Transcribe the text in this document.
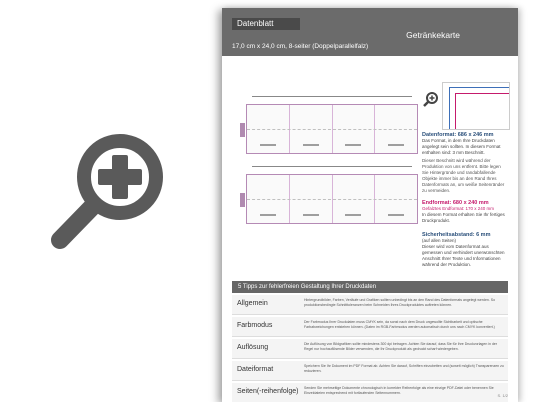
Datenblatt
Getränkekarte
17,0 cm x 24,0 cm, 8-seiter (Doppelparallelfalz)
Datenformat: 686 x 246 mm
Das Format, in dem Ihre Druckdaten angelegt sein sollten. In diesem Format enthalten sind: 3 mm Beschnitt.
Dieser Beschnitt wird während der Produktion von uns entfernt. Bitte legen Sie Hintergründe und randabfallende Objekte immer bis an den Rand Ihres Datenformats an, um weiße Seitenränder zu vermeiden.
Endformat: 680 x 240 mm
Gefalztes Endformat: 170 x 240 mm
In diesem Format erhalten Sie Ihr fertiges Druckprodukt.
Sicherheitsabstand: 6 mm
(auf allen Seiten)
Dieser wird vom Datenformat aus gemessen und verhindert unerwünschten Anschnitt Ihrer Texte und Informationen während der Produktion.
5 Tipps zur fehlerfreien Gestaltung Ihrer Druckdaten
Allgemein	Hintergrundbilder, Farben, Verläufe und Grafiken sollten unbedingt bis an den Rand des Datenformats angelegt werden. So produktionsbedingte Schnitttoleranzen beim Schneiden Ihres Druckproduktes auftreten können.
Farbmodus	Der Farbmodus Ihrer Druckdaten muss CMYK sein, da sonst nach dem Druck ungewollte Sichtbarkeit und optische Farbabweichungen entstehen können. (Daten im RGB-Farbmodus werden automatisch durch uns nach CMYK konvertiert.)
Auflösung	Die Auflösung von Bildgrafiken sollte mindestens 300 dpi betragen. Achten Sie darauf, dass Sie für Ihre Druckvorlagen in der Regel nur hochauflösende Bilder verwenden, die Ihr Druckprodukt als gedruckt scharf wiedergeben.
Dateiformat	Speichern Sie Ihr Dokument im PDF Format ab. Achten Sie darauf, Schriften einzubetten und (soweit möglich) Transparenzen zu reduzieren.
Seiten(-reihenfolge)	Senden Sie mehrseitige Dokumente chronologisch in korrekter Reihenfolge als eine einzige PDF-Datei oder benennen Sie Einzeldateien entsprechend mit fortlaufenden Seitennummern.
S. 1/2
